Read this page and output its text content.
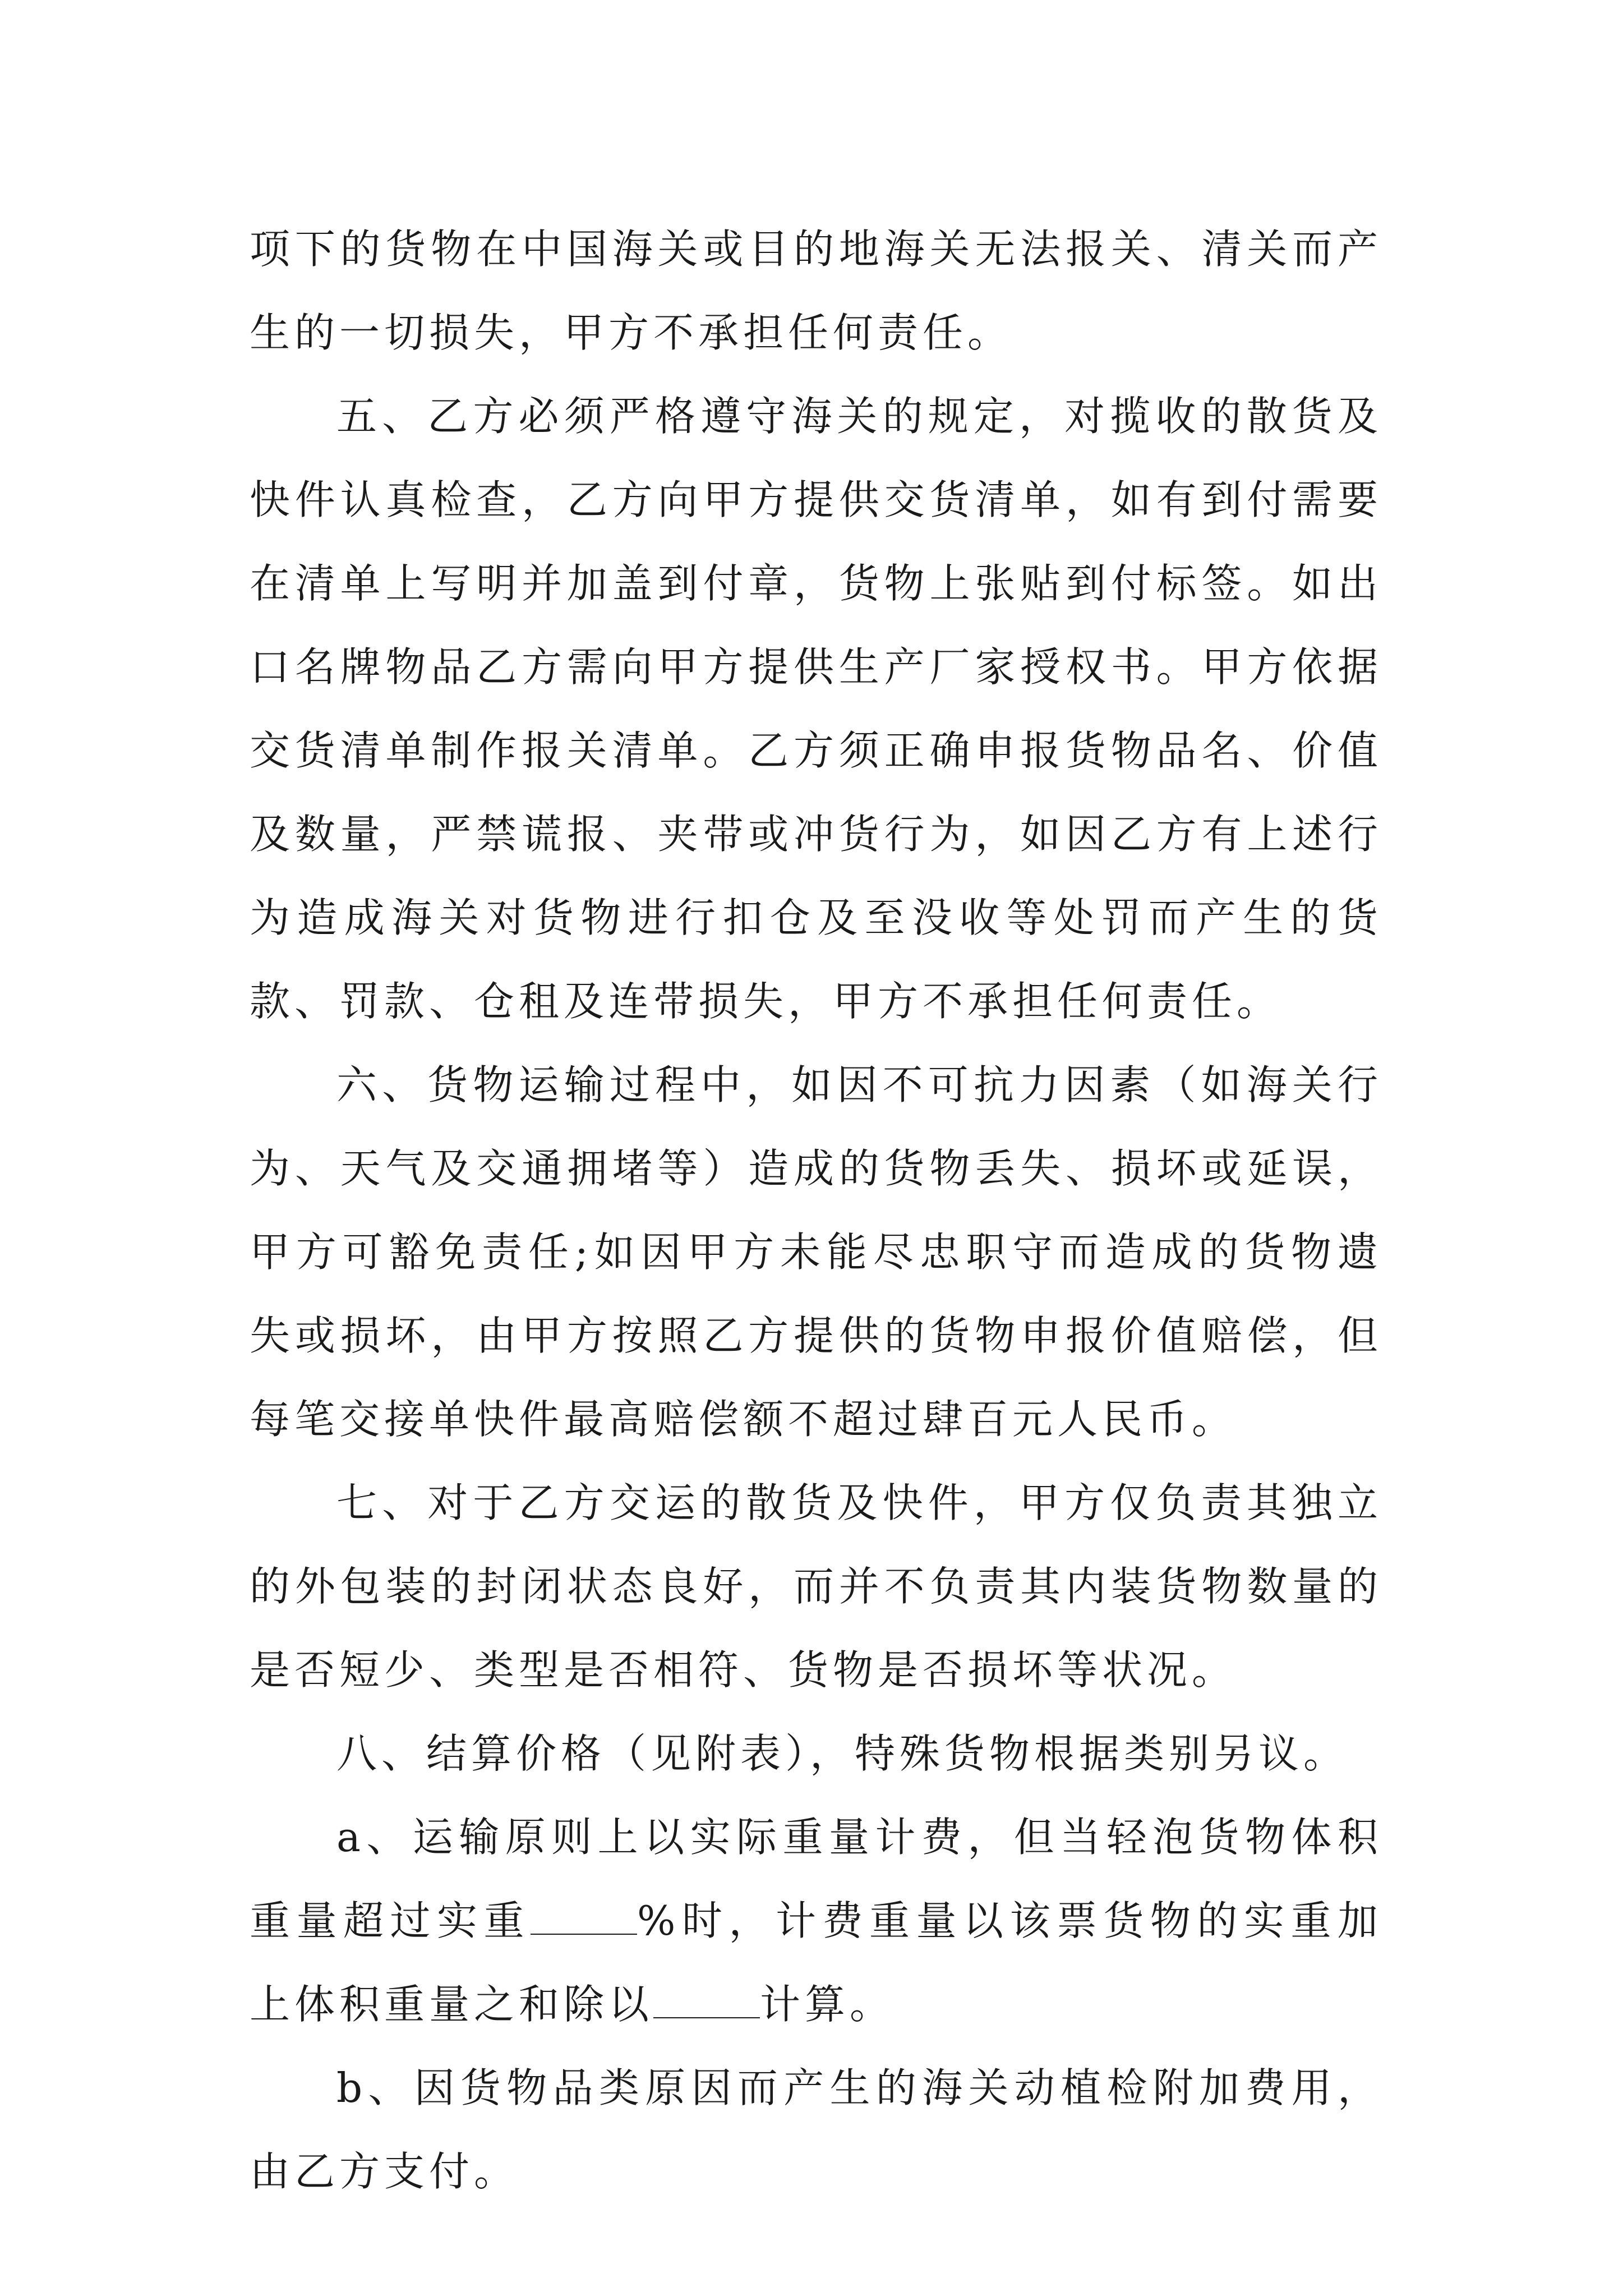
项下的货物在中国海关或目的地海关无法报关、清关而产生的一切损失，甲方不承担任何责任。

五、乙方必须严格遵守海关的规定，对揽收的散货及快件认真检查，乙方向甲方提供交货清单，如有到付需要在清单上写明并加盖到付章，货物上张贴到付标签。如出口名牌物品乙方需向甲方提供生产厂家授权书。甲方依据交货清单制作报关清单。乙方须正确申报货物品名、价值及数量，严禁谎报、夹带或冲货行为，如因乙方有上述行为造成海关对货物进行扣仓及至没收等处罚而产生的货款、罚款、仓租及连带损失，甲方不承担任何责任。

六、货物运输过程中，如因不可抗力因素（如海关行为、天气及交通拥堵等）造成的货物丢失、损坏或延误，甲方可豁免责任;如因甲方未能尽忠职守而造成的货物遗失或损坏，由甲方按照乙方提供的货物申报价值赔偿，但每笔交接单快件最高赔偿额不超过肆百元人民币。

七、对于乙方交运的散货及快件，甲方仅负责其独立的外包装的封闭状态良好，而并不负责其内装货物数量的是否短少、类型是否相符、货物是否损坏等状况。

八、结算价格（见附表），特殊货物根据类别另议。

a、运输原则上以实际重量计费，但当轻泡货物体积重量超过实重	%时，计费重量以该票货物的实重加上体积重量之和除以	计算。

b、因货物品类原因而产生的海关动植检附加费用，由乙方支付。
